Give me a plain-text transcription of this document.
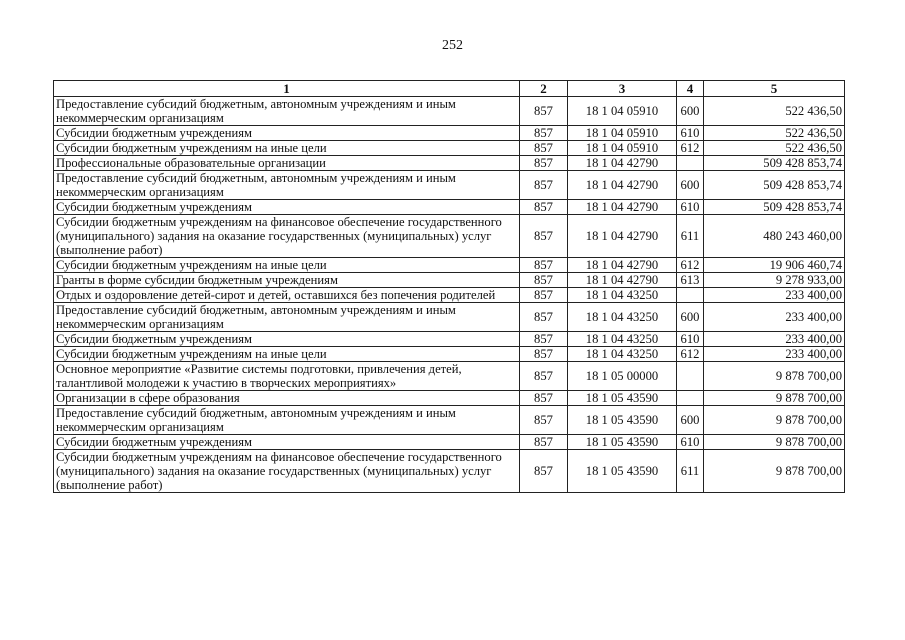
252
1	2	3	4	5
Предоставление субсидий бюджетным, автономным учреждениям и иным некоммерческим организациям	857	18 1 04 05910	600	522 436,50
Субсидии бюджетным учреждениям	857	18 1 04 05910	610	522 436,50
Субсидии бюджетным учреждениям на иные цели	857	18 1 04 05910	612	522 436,50
Профессиональные образовательные организации	857	18 1 04 42790		509 428 853,74
Предоставление субсидий бюджетным, автономным учреждениям и иным некоммерческим организациям	857	18 1 04 42790	600	509 428 853,74
Субсидии бюджетным учреждениям	857	18 1 04 42790	610	509 428 853,74
Субсидии бюджетным учреждениям на финансовое обеспечение государственного (муниципального) задания на оказание государственных (муниципальных) услуг (выполнение работ)	857	18 1 04 42790	611	480 243 460,00
Субсидии бюджетным учреждениям на иные цели	857	18 1 04 42790	612	19 906 460,74
Гранты в форме субсидии бюджетным учреждениям	857	18 1 04 42790	613	9 278 933,00
Отдых и оздоровление детей-сирот и детей, оставшихся без попечения родителей	857	18 1 04 43250		233 400,00
Предоставление субсидий бюджетным, автономным учреждениям и иным некоммерческим организациям	857	18 1 04 43250	600	233 400,00
Субсидии бюджетным учреждениям	857	18 1 04 43250	610	233 400,00
Субсидии бюджетным учреждениям на иные цели	857	18 1 04 43250	612	233 400,00
Основное мероприятие «Развитие системы подготовки, привлечения детей, талантливой молодежи к участию в творческих мероприятиях»	857	18 1 05 00000		9 878 700,00
Организации в сфере образования	857	18 1 05 43590		9 878 700,00
Предоставление субсидий бюджетным, автономным учреждениям и иным некоммерческим организациям	857	18 1 05 43590	600	9 878 700,00
Субсидии бюджетным учреждениям	857	18 1 05 43590	610	9 878 700,00
Субсидии бюджетным учреждениям на финансовое обеспечение государственного (муниципального) задания на оказание государственных (муниципальных) услуг (выполнение работ)	857	18 1 05 43590	611	9 878 700,00
